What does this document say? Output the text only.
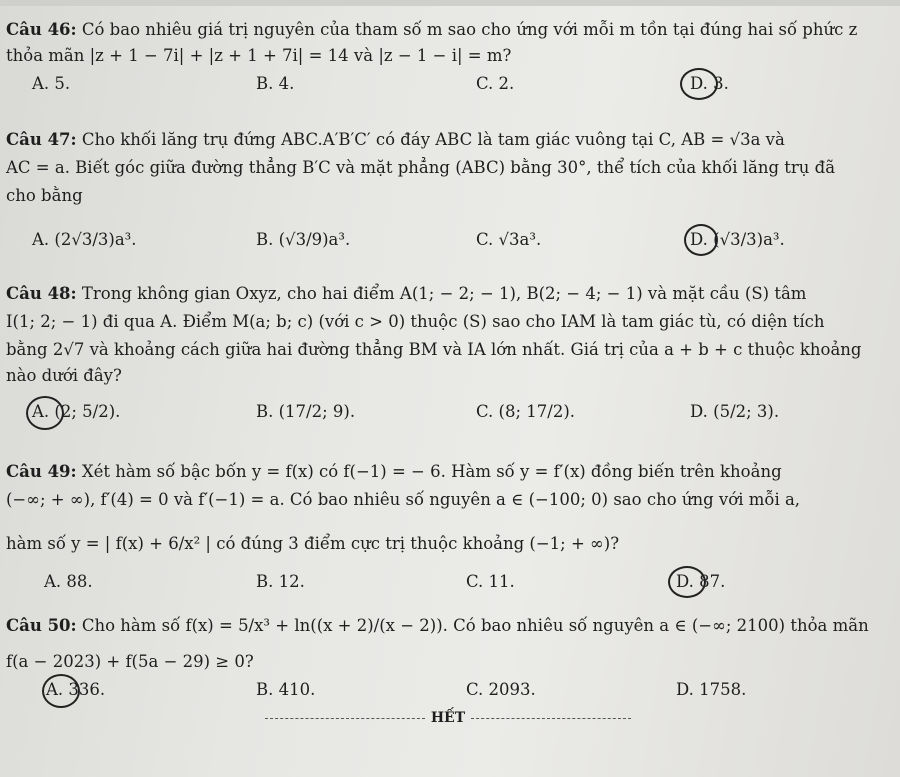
Câu 46: Có bao nhiêu giá trị nguyên của tham số m sao cho ứng với mỗi m tồn tại đúng hai số phức z
thỏa mãn |z + 1 − 7i| + |z + 1 + 7i| = 14 và |z − 1 − i| = m?
A. 5.	B. 4.	C. 2.	D. 3.
Câu 47: Cho khối lăng trụ đứng ABC.A′B′C′ có đáy ABC là tam giác vuông tại C, AB = √3a và
AC = a. Biết góc giữa đường thẳng B′C và mặt phẳng (ABC) bằng 30°, thể tích của khối lăng trụ đã
cho bằng
A. (2√3/3)a³.	B. (√3/9)a³.	C. √3a³.	D. (√3/3)a³.
Câu 48: Trong không gian Oxyz, cho hai điểm A(1; − 2; − 1), B(2; − 4; − 1) và mặt cầu (S) tâm
I(1; 2; − 1) đi qua A. Điểm M(a; b; c) (với c > 0) thuộc (S) sao cho IAM là tam giác tù, có diện tích
bằng 2√7 và khoảng cách giữa hai đường thẳng BM và IA lớn nhất. Giá trị của a + b + c thuộc khoảng
nào dưới đây?
A. (2; 5/2).	B. (17/2; 9).	C. (8; 17/2).	D. (5/2; 3).
Câu 49: Xét hàm số bậc bốn y = f(x) có f(−1) = − 6. Hàm số y = f′(x) đồng biến trên khoảng
(−∞; + ∞), f′(4) = 0 và f′(−1) = a. Có bao nhiêu số nguyên a ∈ (−100; 0) sao cho ứng với mỗi a,
hàm số y = | f(x) + 6/x² | có đúng 3 điểm cực trị thuộc khoảng (−1; + ∞)?
A. 88.	B. 12.	C. 11.	D. 87.
Câu 50: Cho hàm số f(x) = 5/x³ + ln((x + 2)/(x − 2)). Có bao nhiêu số nguyên a ∈ (−∞; 2100) thỏa mãn
f(a − 2023) + f(5a − 29) ≥ 0?
A. 336.	B. 410.	C. 2093.	D. 1758.
HẾT
